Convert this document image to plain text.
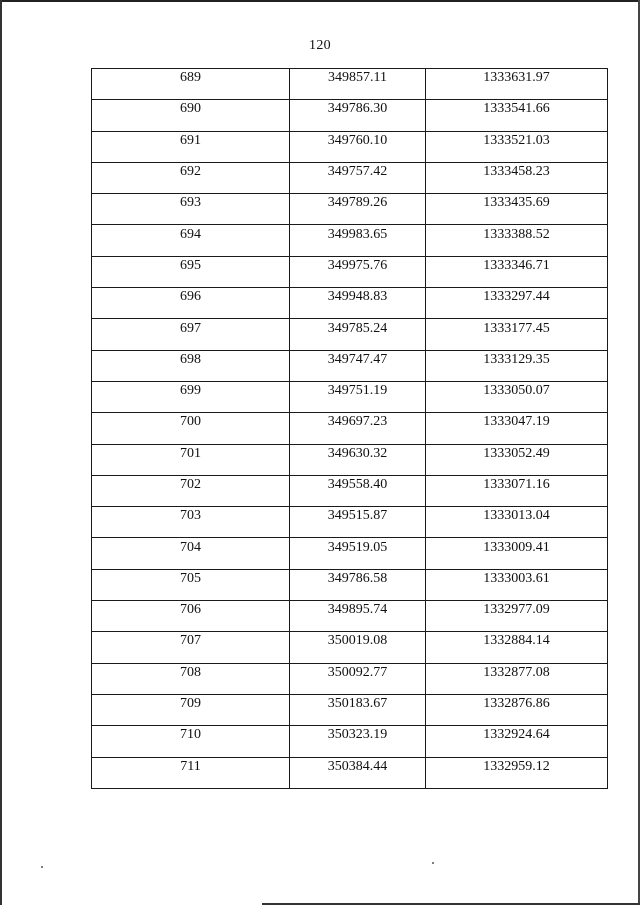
120
689	349857.11	1333631.97
690	349786.30	1333541.66
691	349760.10	1333521.03
692	349757.42	1333458.23
693	349789.26	1333435.69
694	349983.65	1333388.52
695	349975.76	1333346.71
696	349948.83	1333297.44
697	349785.24	1333177.45
698	349747.47	1333129.35
699	349751.19	1333050.07
700	349697.23	1333047.19
701	349630.32	1333052.49
702	349558.40	1333071.16
703	349515.87	1333013.04
704	349519.05	1333009.41
705	349786.58	1333003.61
706	349895.74	1332977.09
707	350019.08	1332884.14
708	350092.77	1332877.08
709	350183.67	1332876.86
710	350323.19	1332924.64
711	350384.44	1332959.12
